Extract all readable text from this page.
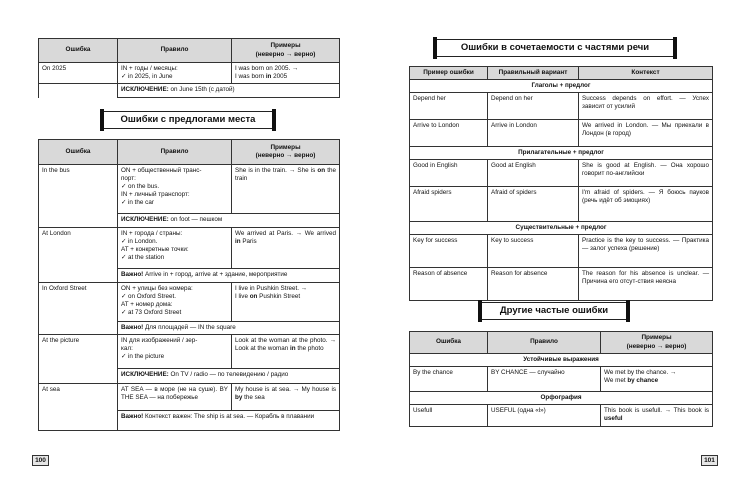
Ошибка	Правило	Примеры
(неверно → верно)
On 2025	IN + годы / месяцы:
✓ in 2025, in June	I was born on 2005. →
I was born in 2005
	ИСКЛЮЧЕНИЕ: on June 15th (с датой)	
Ошибки с предлогами места
Ошибка	Правило	Примеры
(неверно → верно)
In the bus	ON + общественный транс-
порт:
✓ on the bus.
IN + личный транспорт:
✓ in the car	She is in the train. → She is on the train
	ИСКЛЮЧЕНИЕ: on foot — пешком	
At London	IN + города / страны:
✓ in London.
AT + конкретные точки:
✓ at the station	We arrived at Paris. → We arrived in Paris
	Важно! Arrive in + город, arrive at + здание, мероприятие	
In Oxford Street	ON + улицы без номера:
✓ on Oxford Street.
AT + номер дома:
✓ at 73 Oxford Street	I live in Pushkin Street. →
I live on Pushkin Street
	Важно! Для площадей — IN the square	
At the picture	IN для изображений / зер-
кал:
✓ in the picture	Look at the woman at the photo. → Look at the woman in the photo
	ИСКЛЮЧЕНИЕ: On TV / radio — по телевидению / радио	
At sea	AT SEA — в море (не на сушe). BY THE SEA — на побережье	My house is at sea. → My house is by the sea
	Важно! Контекст важен: The ship is at sea. — Корабль в плавании	
100
Ошибки в сочетаемости с частями речи
Пример ошибки	Правильный вариант	Контекст
Глаголы + предлог		
Depend her	Depend on her	Success depends on effort. — Успех зависит от усилий
Arrive to London	Arrive in London	We arrived in London. — Мы приехали в Лондон (в город)
Прилагательные + предлог		
Good in English	Good at English	She is good at English. — Она хорошо говорит по-английски
Afraid spiders	Afraid of spiders	I'm afraid of spiders. — Я боюсь пауков (речь идёт об эмоциях)
Существительные + предлог		
Key for success	Key to success	Practice is the key to success. — Практика — залог успеха (решение)
Reason of absence	Reason for absence	The reason for his absence is unclear. — Причина его отсут-ствия неясна
Другие частые ошибки
Ошибка	Правило	Примеры
(неверно → верно)
Устойчивые выражения		
By the chance	BY CHANCE — случайно	We met by the chance. →
We met by chance
Орфография		
Usefull	USEFUL (одна «l»)	This book is usefull. → This book is useful
101
